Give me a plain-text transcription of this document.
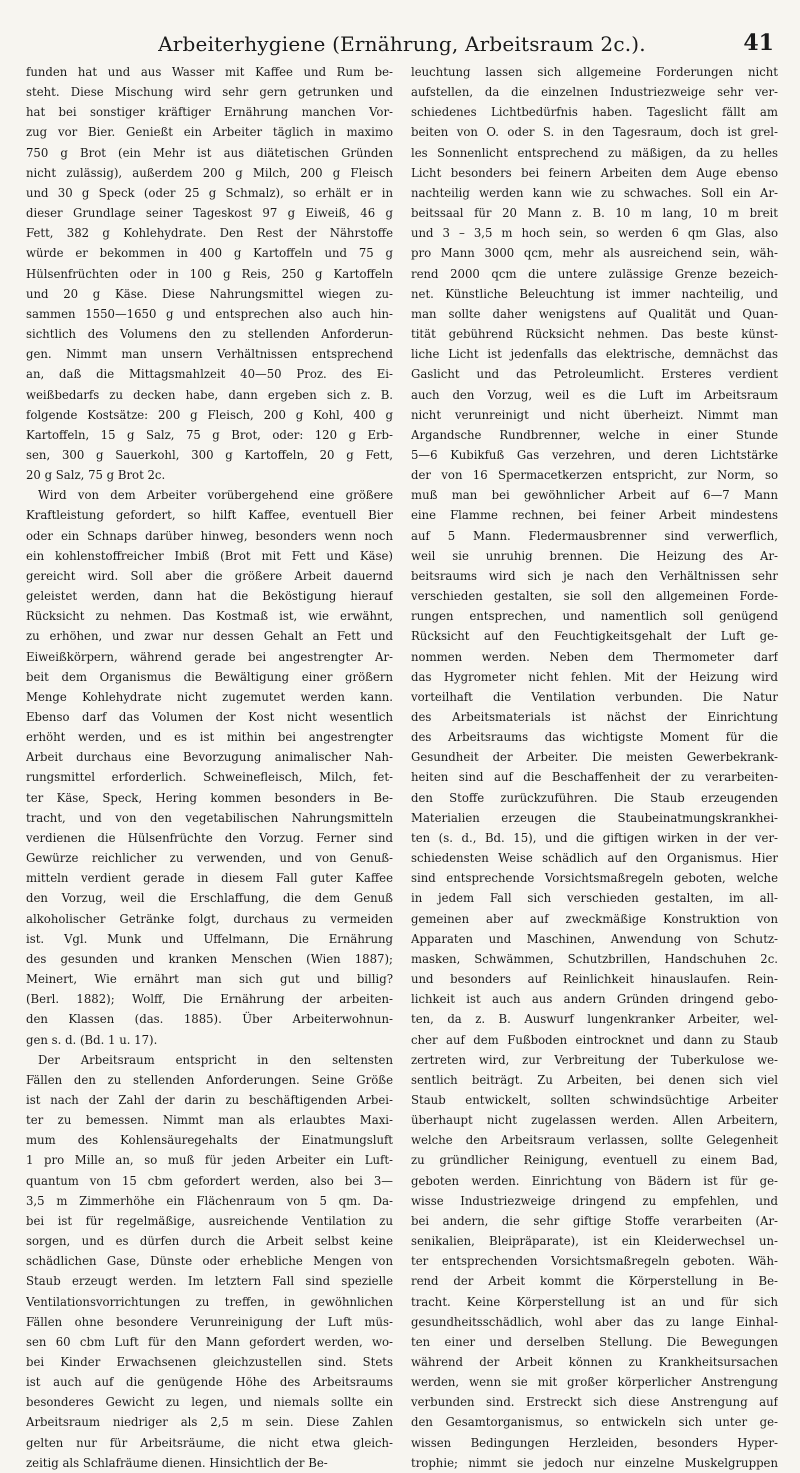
Arbeiterhygiene (Ernährung, Arbeitsraum 2c.).	41
funden hat und aus Wasser mit Kaffee und Rum be-
steht. Diese Mischung wird sehr gern getrunken und
hat bei sonstiger kräftiger Ernährung manchen Vor-
zug vor Bier. Genießt ein Arbeiter täglich in maximo
750 g Brot (ein Mehr ist aus diätetischen Gründen
nicht zulässig), außerdem 200 g Milch, 200 g Fleisch
und 30 g Speck (oder 25 g Schmalz), so erhält er in
dieser Grundlage seiner Tageskost 97 g Eiweiß, 46 g
Fett, 382 g Kohlehydrate. Den Rest der Nährstoffe
würde er bekommen in 400 g Kartoffeln und 75 g
Hülsenfrüchten oder in 100 g Reis, 250 g Kartoffeln
und 20 g Käse. Diese Nahrungsmittel wiegen zu-
sammen 1550—1650 g und entsprechen also auch hin-
sichtlich des Volumens den zu stellenden Anforderun-
gen. Nimmt man unsern Verhältnissen entsprechend
an, daß die Mittagsmahlzeit 40—50 Proz. des Ei-
weißbedarfs zu decken habe, dann ergeben sich z. B.
folgende Kostsätze: 200 g Fleisch, 200 g Kohl, 400 g
Kartoffeln, 15 g Salz, 75 g Brot, oder: 120 g Erb-
sen, 300 g Sauerkohl, 300 g Kartoffeln, 20 g Fett,
20 g Salz, 75 g Brot 2c.
Wird von dem Arbeiter vorübergehend eine größere
Kraftleistung gefordert, so hilft Kaffee, eventuell Bier
oder ein Schnaps darüber hinweg, besonders wenn noch
ein kohlenstoffreicher Imbiß (Brot mit Fett und Käse)
gereicht wird. Soll aber die größere Arbeit dauernd
geleistet werden, dann hat die Beköstigung hierauf
Rücksicht zu nehmen. Das Kostmaß ist, wie erwähnt,
zu erhöhen, und zwar nur dessen Gehalt an Fett und
Eiweißkörpern, während gerade bei angestrengter Ar-
beit dem Organismus die Bewältigung einer größern
Menge Kohlehydrate nicht zugemutet werden kann.
Ebenso darf das Volumen der Kost nicht wesentlich
erhöht werden, und es ist mithin bei angestrengter
Arbeit durchaus eine Bevorzugung animalischer Nah-
rungsmittel erforderlich. Schweinefleisch, Milch, fet-
ter Käse, Speck, Hering kommen besonders in Be-
tracht, und von den vegetabilischen Nahrungsmitteln
verdienen die Hülsenfrüchte den Vorzug. Ferner sind
Gewürze reichlicher zu verwenden, und von Genuß-
mitteln verdient gerade in diesem Fall guter Kaffee
den Vorzug, weil die Erschlaffung, die dem Genuß
alkoholischer Getränke folgt, durchaus zu vermeiden
ist. Vgl. Munk und Uffelmann, Die Ernährung
des gesunden und kranken Menschen (Wien 1887);
Meinert, Wie ernährt man sich gut und billig?
(Berl. 1882); Wolff, Die Ernährung der arbeiten-
den Klassen (das. 1885). Über Arbeiterwohnun-
gen s. d. (Bd. 1 u. 17).
Der Arbeitsraum entspricht in den seltensten
Fällen den zu stellenden Anforderungen. Seine Größe
ist nach der Zahl der darin zu beschäftigenden Arbei-
ter zu bemessen. Nimmt man als erlaubtes Maxi-
mum des Kohlensäuregehalts der Einatmungsluft
1 pro Mille an, so muß für jeden Arbeiter ein Luft-
quantum von 15 cbm gefordert werden, also bei 3—
3,5 m Zimmerhöhe ein Flächenraum von 5 qm. Da-
bei ist für regelmäßige, ausreichende Ventilation zu
sorgen, und es dürfen durch die Arbeit selbst keine
schädlichen Gase, Dünste oder erhebliche Mengen von
Staub erzeugt werden. Im letztern Fall sind spezielle
Ventilationsvorrichtungen zu treffen, in gewöhnlichen
Fällen ohne besondere Verunreinigung der Luft müs-
sen 60 cbm Luft für den Mann gefordert werden, wo-
bei Kinder Erwachsenen gleichzustellen sind. Stets
ist auch auf die genügende Höhe des Arbeitsraums
besonderes Gewicht zu legen, und niemals sollte ein
Arbeitsraum niedriger als 2,5 m sein. Diese Zahlen
gelten nur für Arbeitsräume, die nicht etwa gleich-
zeitig als Schlafräume dienen. Hinsichtlich der Be-
leuchtung lassen sich allgemeine Forderungen nicht
aufstellen, da die einzelnen Industriezweige sehr ver-
schiedenes Lichtbedürfnis haben. Tageslicht fällt am
beiten von O. oder S. in den Tagesraum, doch ist grel-
les Sonnenlicht entsprechend zu mäßigen, da zu helles
Licht besonders bei feinern Arbeiten dem Auge ebenso
nachteilig werden kann wie zu schwaches. Soll ein Ar-
beitssaal für 20 Mann z. B. 10 m lang, 10 m breit
und 3 – 3,5 m hoch sein, so werden 6 qm Glas, also
pro Mann 3000 qcm, mehr als ausreichend sein, wäh-
rend 2000 qcm die untere zulässige Grenze bezeich-
net. Künstliche Beleuchtung ist immer nachteilig, und
man sollte daher wenigstens auf Qualität und Quan-
tität gebührend Rücksicht nehmen. Das beste künst-
liche Licht ist jedenfalls das elektrische, demnächst das
Gaslicht und das Petroleumlicht. Ersteres verdient
auch den Vorzug, weil es die Luft im Arbeitsraum
nicht verunreinigt und nicht überheizt. Nimmt man
Argandsche Rundbrenner, welche in einer Stunde
5—6 Kubikfuß Gas verzehren, und deren Lichtstärke
der von 16 Spermacetkerzen entspricht, zur Norm, so
muß man bei gewöhnlicher Arbeit auf 6—7 Mann
eine Flamme rechnen, bei feiner Arbeit mindestens
auf 5 Mann. Fledermausbrenner sind verwerflich,
weil sie unruhig brennen. Die Heizung des Ar-
beitsraums wird sich je nach den Verhältnissen sehr
verschieden gestalten, sie soll den allgemeinen Forde-
rungen entsprechen, und namentlich soll genügend
Rücksicht auf den Feuchtigkeitsgehalt der Luft ge-
nommen werden. Neben dem Thermometer darf
das Hygrometer nicht fehlen. Mit der Heizung wird
vorteilhaft die Ventilation verbunden. Die Natur
des Arbeitsmaterials ist nächst der Einrichtung
des Arbeitsraums das wichtigste Moment für die
Gesundheit der Arbeiter. Die meisten Gewerbekrank-
heiten sind auf die Beschaffenheit der zu verarbeiten-
den Stoffe zurückzuführen. Die Staub erzeugenden
Materialien erzeugen die Staubeinatmungskrankhei-
ten (s. d., Bd. 15), und die giftigen wirken in der ver-
schiedensten Weise schädlich auf den Organismus. Hier
sind entsprechende Vorsichtsmaßregeln geboten, welche
in jedem Fall sich verschieden gestalten, im all-
gemeinen aber auf zweckmäßige Konstruktion von
Apparaten und Maschinen, Anwendung von Schutz-
masken, Schwämmen, Schutzbrillen, Handschuhen 2c.
und besonders auf Reinlichkeit hinauslaufen. Rein-
lichkeit ist auch aus andern Gründen dringend gebo-
ten, da z. B. Auswurf lungenkranker Arbeiter, wel-
cher auf dem Fußboden eintrocknet und dann zu Staub
zertreten wird, zur Verbreitung der Tuberkulose we-
sentlich beiträgt. Zu Arbeiten, bei denen sich viel
Staub entwickelt, sollten schwindsüchtige Arbeiter
überhaupt nicht zugelassen werden. Allen Arbeitern,
welche den Arbeitsraum verlassen, sollte Gelegenheit
zu gründlicher Reinigung, eventuell zu einem Bad,
geboten werden. Einrichtung von Bädern ist für ge-
wisse Industriezweige dringend zu empfehlen, und
bei andern, die sehr giftige Stoffe verarbeiten (Ar-
senikalien, Bleipräparate), ist ein Kleiderwechsel un-
ter entsprechenden Vorsichtsmaßregeln geboten. Wäh-
rend der Arbeit kommt die Körperstellung in Be-
tracht. Keine Körperstellung ist an und für sich
gesundheitsschädlich, wohl aber das zu lange Einhal-
ten einer und derselben Stellung. Die Bewegungen
während der Arbeit können zu Krankheitsursachen
werden, wenn sie mit großer körperlicher Anstrengung
verbunden sind. Erstreckt sich diese Anstrengung auf
den Gesamtorganismus, so entwickeln sich unter ge-
wissen Bedingungen Herzleiden, besonders Hyper-
trophie; nimmt sie jedoch nur einzelne Muskelgruppen
